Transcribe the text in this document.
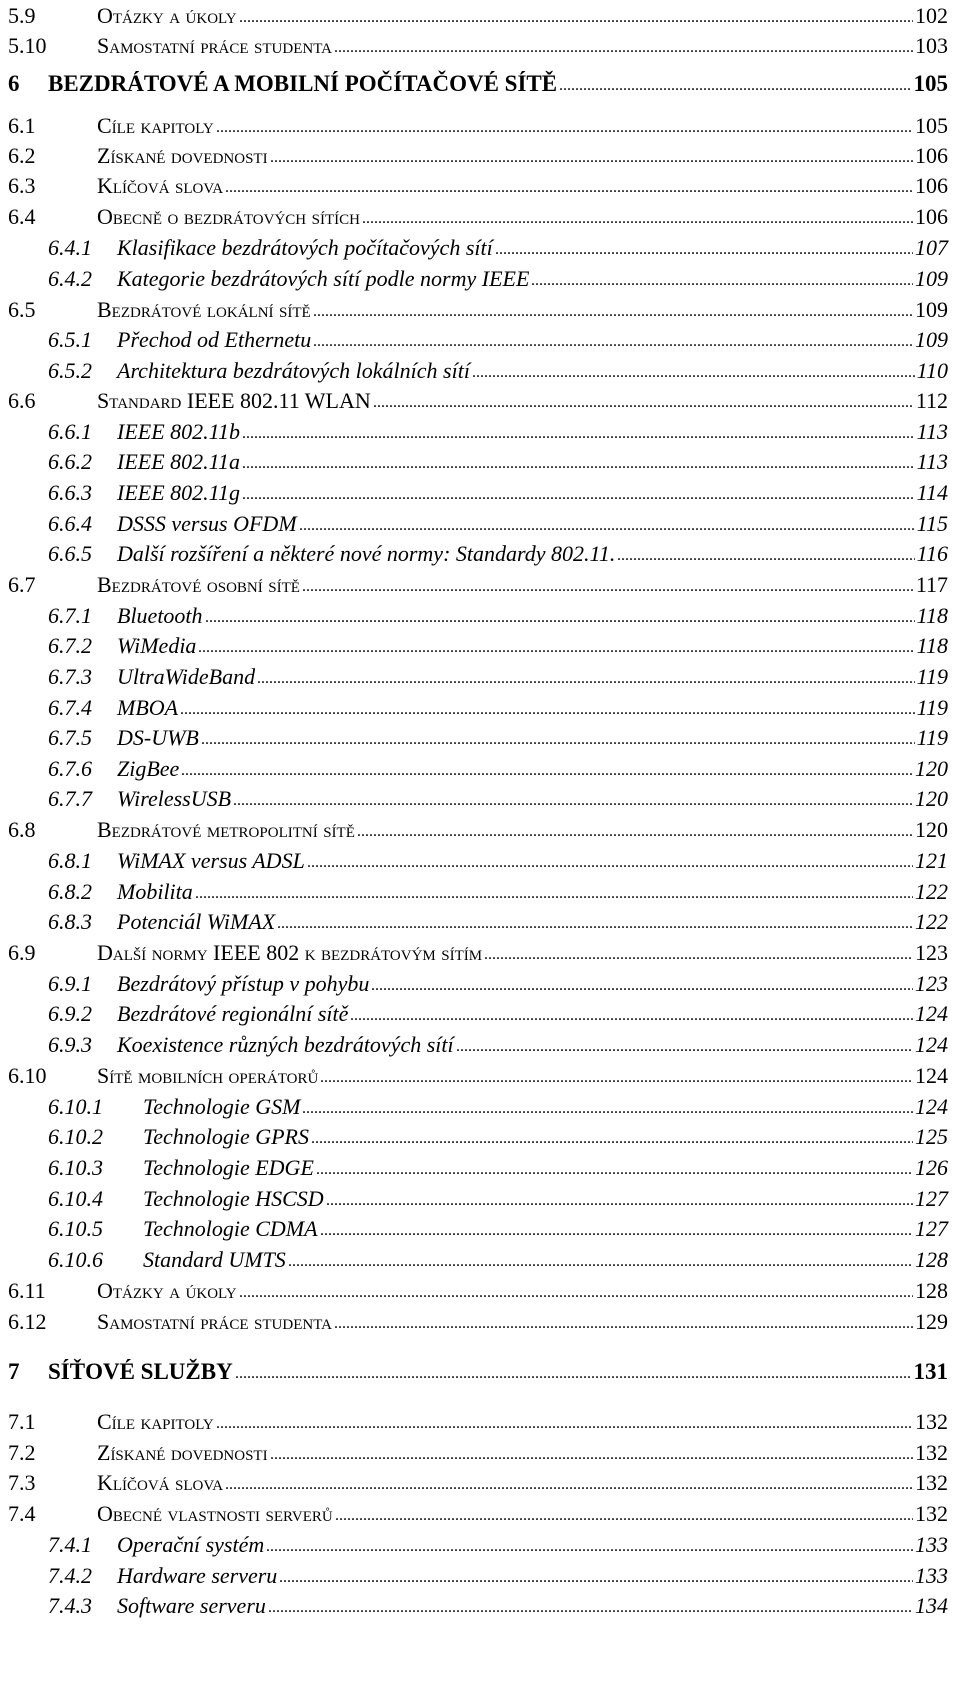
5.9	Otázky a úkoly .....	102
5.10 Samostatní práce studenta .....	103
6 BEZDRÁTOVÉ A MOBILNÍ POČÍTAČOVÉ SÍTĚ .....	105
6.1	Cíle kapitoly .....	105
6.2	Získané dovednosti .....	106
6.3	Klíčová slova .....	106
6.4	Obecně o bezdrátových sítích .....	106
6.4.1 Klasifikace bezdrátových počítačových sítí .....	107
6.4.2 Kategorie bezdrátových sítí podle normy IEEE .....	109
6.5	Bezdrátové lokální sítě .....	109
6.5.1 Přechod od Ethernetu .....	109
6.5.2 Architektura bezdrátových lokálních sítí .....	110
6.6	Standard IEEE 802.11 WLAN .....	112
6.6.1 IEEE 802.11b .....	113
6.6.2 IEEE 802.11a .....	113
6.6.3 IEEE 802.11g .....	114
6.6.4 DSSS versus OFDM .....	115
6.6.5 Další rozšíření a některé nové normy: Standardy 802.11. .....	116
6.7	Bezdrátové osobní sítě .....	117
6.7.1 Bluetooth .....	118
6.7.2 WiMedia .....	118
6.7.3 UltraWideBand .....	119
6.7.4 MBOA .....	119
6.7.5 DS-UWB .....	119
6.7.6 ZigBee .....	120
6.7.7 WirelessUSB .....	120
6.8	Bezdrátové metropolitní sítě .....	120
6.8.1 WiMAX versus ADSL .....	121
6.8.2 Mobilita .....	122
6.8.3 Potenciál WiMAX .....	122
6.9	Další normy IEEE 802 k bezdrátovým sítím .....	123
6.9.1 Bezdrátový přístup v pohybu .....	123
6.9.2 Bezdrátové regionální sítě .....	124
6.9.3 Koexistence různých bezdrátových sítí .....	124
6.10 Sítě mobilních operátorů .....	124
6.10.1 Technologie GSM .....	124
6.10.2 Technologie GPRS .....	125
6.10.3 Technologie EDGE .....	126
6.10.4 Technologie HSCSD .....	127
6.10.5 Technologie CDMA .....	127
6.10.6 Standard UMTS .....	128
6.11 Otázky a úkoly .....	128
6.12 Samostatní práce studenta .....	129
7 SÍŤOVÉ SLUŽBY .....	131
7.1	Cíle kapitoly .....	132
7.2	Získané dovednosti .....	132
7.3	Klíčová slova .....	132
7.4	Obecné vlastnosti serverů .....	132
7.4.1 Operační systém .....	133
7.4.2 Hardware serveru .....	133
7.4.3 Software serveru .....	134
